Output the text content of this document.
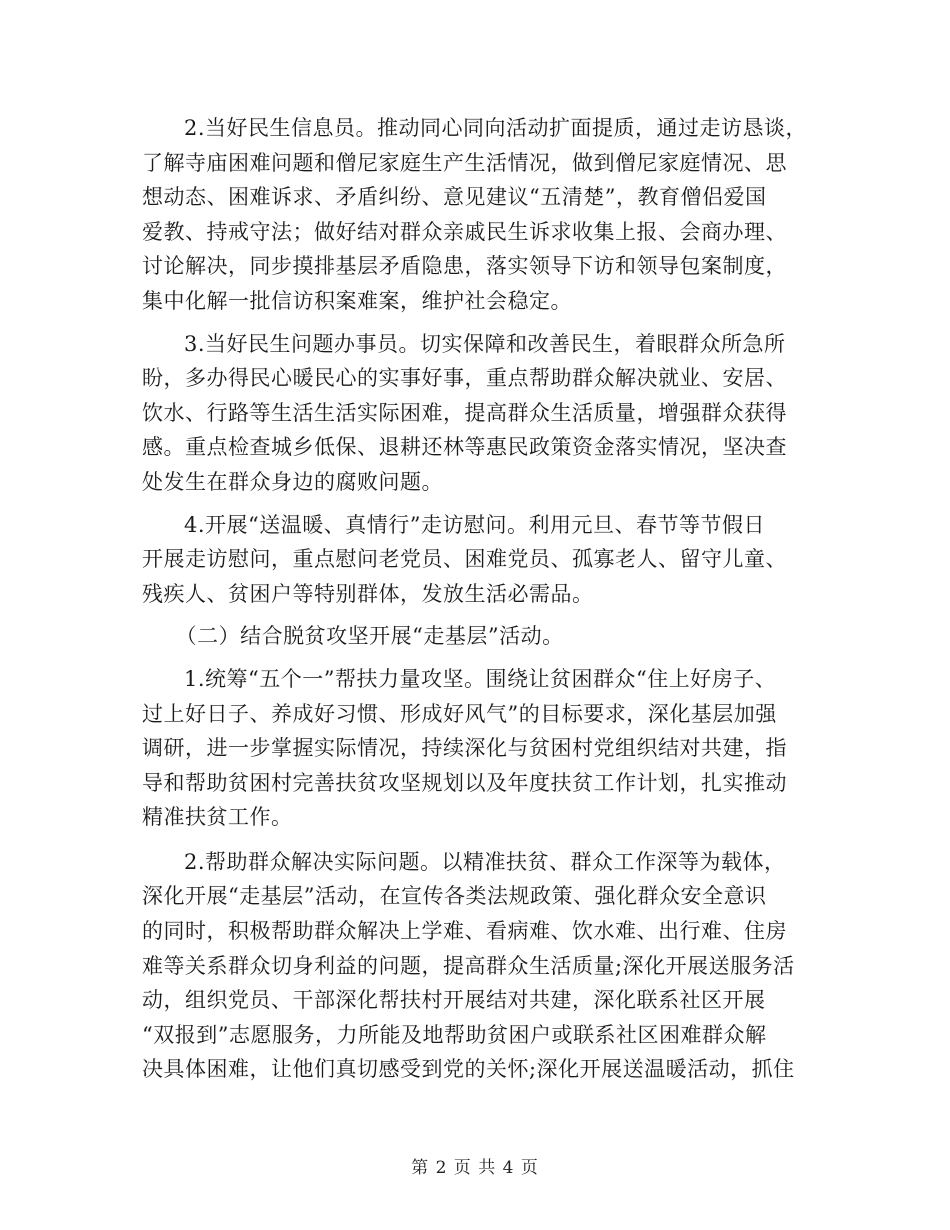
2.当好民生信息员。推动同心同向活动扩面提质，通过走访恳谈，
了解寺庙困难问题和僧尼家庭生产生活情况，做到僧尼家庭情况、思
想动态、困难诉求、矛盾纠纷、意见建议“五清楚”，教育僧侣爱国
爱教、持戒守法；做好结对群众亲戚民生诉求收集上报、会商办理、
讨论解决，同步摸排基层矛盾隐患，落实领导下访和领导包案制度，
集中化解一批信访积案难案，维护社会稳定。
3.当好民生问题办事员。切实保障和改善民生，着眼群众所急所
盼，多办得民心暖民心的实事好事，重点帮助群众解决就业、安居、
饮水、行路等生活生活实际困难，提高群众生活质量，增强群众获得
感。重点检查城乡低保、退耕还林等惠民政策资金落实情况，坚决查
处发生在群众身边的腐败问题。
4.开展“送温暖、真情行”走访慰问。利用元旦、春节等节假日
开展走访慰问，重点慰问老党员、困难党员、孤寡老人、留守儿童、
残疾人、贫困户等特别群体，发放生活必需品。
（二）结合脱贫攻坚开展“走基层”活动。
1.统筹“五个一”帮扶力量攻坚。围绕让贫困群众“住上好房子、
过上好日子、养成好习惯、形成好风气”的目标要求，深化基层加强
调研，进一步掌握实际情况，持续深化与贫困村党组织结对共建，指
导和帮助贫困村完善扶贫攻坚规划以及年度扶贫工作计划，扎实推动
精准扶贫工作。
2.帮助群众解决实际问题。以精准扶贫、群众工作深等为载体，
深化开展“走基层”活动，在宣传各类法规政策、强化群众安全意识
的同时，积极帮助群众解决上学难、看病难、饮水难、出行难、住房
难等关系群众切身利益的问题，提高群众生活质量;深化开展送服务活
动，组织党员、干部深化帮扶村开展结对共建，深化联系社区开展
“双报到”志愿服务，力所能及地帮助贫困户或联系社区困难群众解
决具体困难，让他们真切感受到党的关怀;深化开展送温暖活动，抓住
第 2 页 共 4 页
